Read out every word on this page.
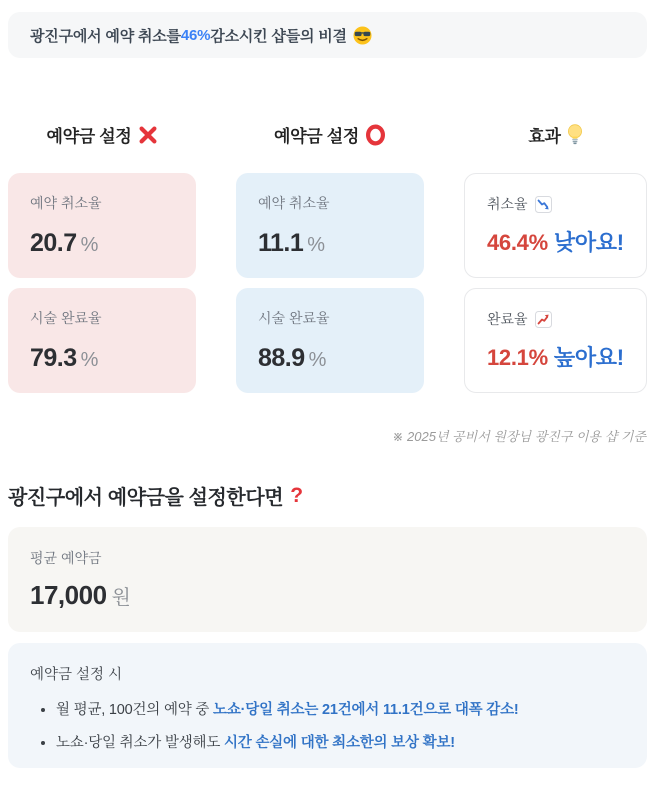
광진구에서 예약 취소를 46% 감소시킨 샵들의 비결
예약금 설정	예약금 설정	효과
예약 취소율
20.7 %
예약 취소율
11.1 %
취소율
46.4% 낮아요!
시술 완료율
79.3 %
시술 완료율
88.9 %
완료율
12.1% 높아요!
※ 2025년 공비서 원장님 광진구 이용 샵 기준
광진구에서 예약금을 설정한다면 ?
평균 예약금
17,000 원
예약금 설정 시
• 월 평균, 100건의 예약 중 노쇼·당일 취소는 21건에서 11.1건으로 대폭 감소!
• 노쇼·당일 취소가 발생해도 시간 손실에 대한 최소한의 보상 확보!
